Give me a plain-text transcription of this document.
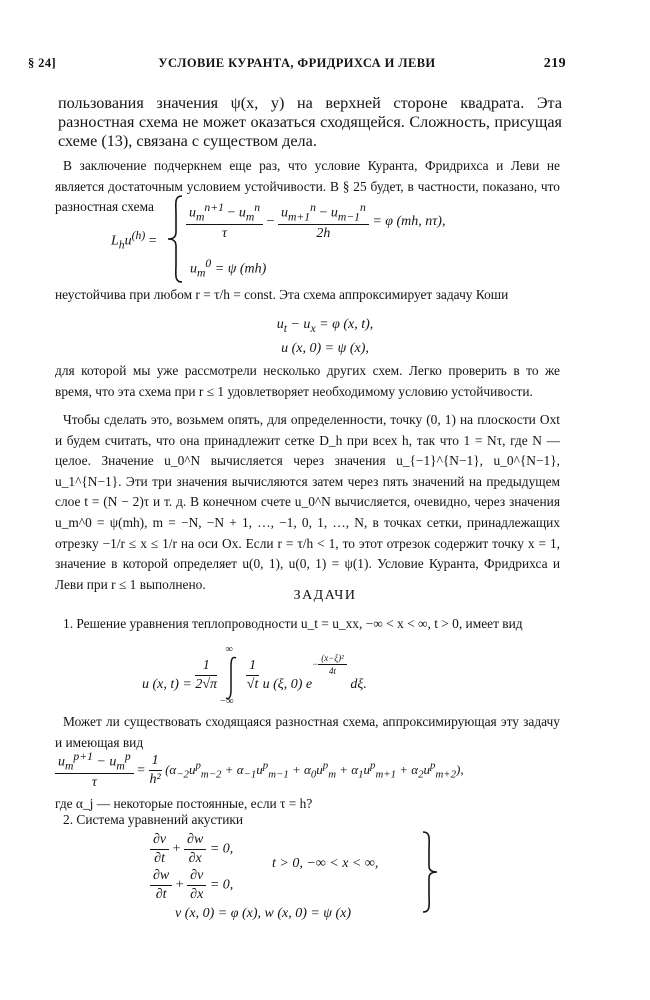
§ 24]	УСЛОВИЕ КУРАНТА, ФРИДРИХСА И ЛЕВИ	219

пользования значения ψ(x, y) на верхней стороне квадрата. Эта разностная схема не может оказаться сходящейся. Сложность, присущая схеме (13), связана с существом дела.

В заключение подчеркнем еще раз, что условие Куранта, Фридрихса и Леви не является достаточным условием устойчивости. В § 25 будет, в частности, показано, что разностная схема

$L_hu^{(h)} = \frac{u_m^{n+1} - u_m^n}{\tau} - \frac{u_{m+1}^n - u_{m-1}^n}{2h} = \varphi$ (mh, nτ),
$u_m^0 = \psi$ (mh)

неустойчива при любом r = τ/h = const. Эта схема аппроксимирует задачу Коши

$u_t - u_x = \varphi$ (x, t),
u (x, 0) = ψ (x),

для которой мы уже рассмотрели несколько других схем. Легко проверить в то же время, что эта схема при r ≤ 1 удовлетворяет необходимому условию устойчивости.

Чтобы сделать это, возьмем опять, для определенности, точку (0, 1) на плоскости Oxt и будем считать, что она принадлежит сетке D_h при всех h, так что 1 = Nτ, где N — целое. Значение u_0^N вычисляется через значения u_{−1}^{N−1}, u_0^{N−1}, u_1^{N−1}. Эти три значения вычисляются затем через пять значений на предыдущем слое t = (N − 2)τ и т. д. В конечном счете u_0^N вычисляется, очевидно, через значения u_m^0 = ψ(mh), m = −N, −N + 1, …, −1, 0, 1, …, N, в точках сетки, принадлежащих отрезку −1/r ≤ x ≤ 1/r на оси Ox. Если r = τ/h < 1, то этот отрезок содержит точку x = 1, значение в которой определяет u(0, 1), u(0, 1) = ψ(1). Условие Куранта, Фридрихса и Леви при r ≤ 1 выполнено.

ЗАДАЧИ

1. Решение уравнения теплопроводности u_t = u_xx, −∞ < x < ∞, t > 0, имеет вид

u (x, $t) = \frac{1}{2√\pi}$

∞
−∞

$\frac{1}{√t}$ u (ξ, 0) $e^{- \frac{\text{(x−ξ)²}}{4t}}$
dξ.

Может ли существовать сходящаяся разностная схема, аппроксимирующая эту задачу и имеющая вид

$\frac{u_m^{p+1} - u_m^p}{\tau} = \frac{1}{\text{h²}} (\alpha_{-2}u^p_{m-2} + \alpha_{-1}u^p_{m-1} + \alpha_0u^p_m + \alpha_1u^p_{m+1} + \alpha_2u^p_{m+2})$,

где α_j — некоторые постоянные, если τ = h?

2. Система уравнений акустики

$\frac{\partial v}{\partial t} + \frac{\partial w}{\partial x} = 0$,
$\frac{\partial w}{\partial t} + \frac{\partial v}{\partial x} = 0$,
t > 0, −∞ < x < ∞,
v (x, 0) = φ (x), w (x, 0) = ψ (x)
